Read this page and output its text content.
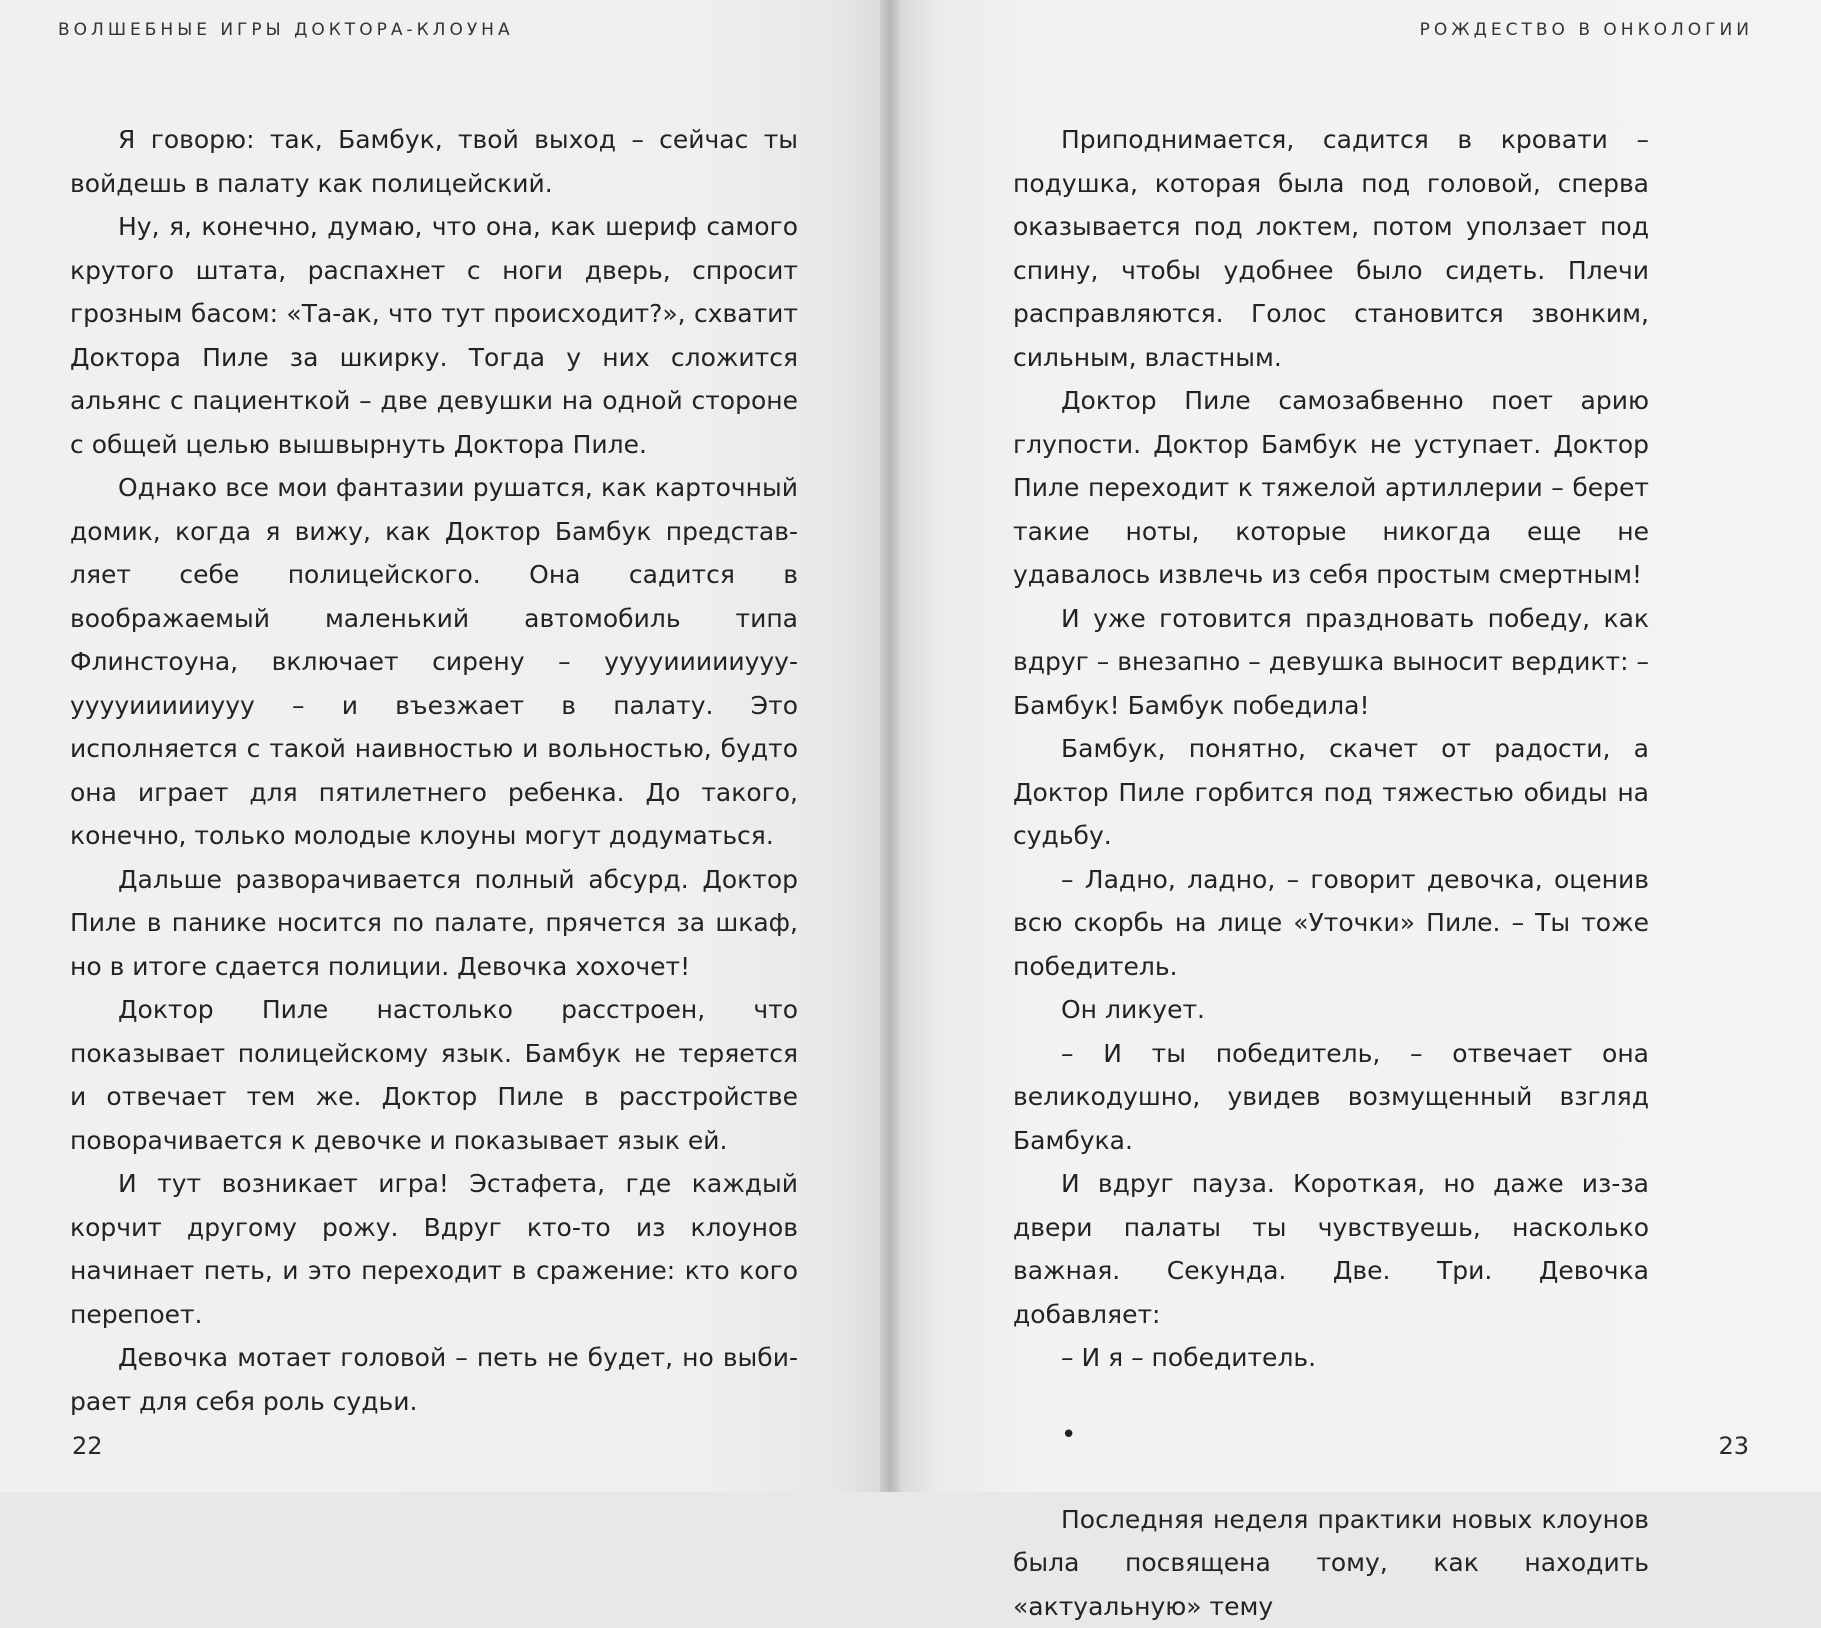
ВОЛШЕБНЫЕ ИГРЫ ДОКТОРА-КЛОУНА

Я говорю: так, Бамбук, твой выход – сейчас ты войдешь в палату как полицейский.

Ну, я, конечно, думаю, что она, как шериф самого крутого штата, распахнет с ноги дверь, спросит грозным басом: «Та-ак, что тут происходит?», схватит Доктора Пиле за шкирку. Тогда у них сложится альянс с пациенткой – две девушки на одной стороне с общей целью вышвырнуть Доктора Пиле.

Однако все мои фантазии рушатся, как карточный домик, когда я вижу, как Доктор Бамбук представляет себе полицейского. Она садится в воображаемый маленький автомобиль типа Флинстоуна, включает сирену – ууууиииииууу-ууууиииииууу – и въезжает в палату. Это исполняется с такой наивностью и вольностью, будто она играет для пятилетнего ребенка. До такого, конечно, только молодые клоуны могут додуматься.

Дальше разворачивается полный абсурд. Доктор Пиле в панике носится по палате, прячется за шкаф, но в итоге сдается полиции. Девочка хохочет!

Доктор Пиле настолько расстроен, что показывает полицейскому язык. Бамбук не теряется и отвечает тем же. Доктор Пиле в расстройстве поворачивается к девочке и показывает язык ей.

И тут возникает игра! Эстафета, где каждый корчит другому рожу. Вдруг кто-то из клоунов начинает петь, и это переходит в сражение: кто кого перепоет.

Девочка мотает головой – петь не будет, но выбирает для себя роль судьи.

22
РОЖДЕСТВО В ОНКОЛОГИИ

Приподнимается, садится в кровати – подушка, которая была под головой, сперва оказывается под локтем, потом уползает под спину, чтобы удобнее было сидеть. Плечи расправляются. Голос становится звонким, сильным, властным.

Доктор Пиле самозабвенно поет арию глупости. Доктор Бамбук не уступает. Доктор Пиле переходит к тяжелой артиллерии – берет такие ноты, которые никогда еще не удавалось извлечь из себя простым смертным!

И уже готовится праздновать победу, как вдруг – внезапно – девушка выносит вердикт: – Бамбук! Бамбук победила!

Бамбук, понятно, скачет от радости, а Доктор Пиле горбится под тяжестью обиды на судьбу.

– Ладно, ладно, – говорит девочка, оценив всю скорбь на лице «Уточки» Пиле. – Ты тоже победитель.

Он ликует.

– И ты победитель, – отвечает она великодушно, увидев возмущенный взгляд Бамбука.

И вдруг пауза. Короткая, но даже из-за двери палаты ты чувствуешь, насколько важная. Секунда. Две. Три. Девочка добавляет:

– И я – победитель.

•

Последняя неделя практики новых клоунов была посвящена тому, как находить «актуальную» тему

23
